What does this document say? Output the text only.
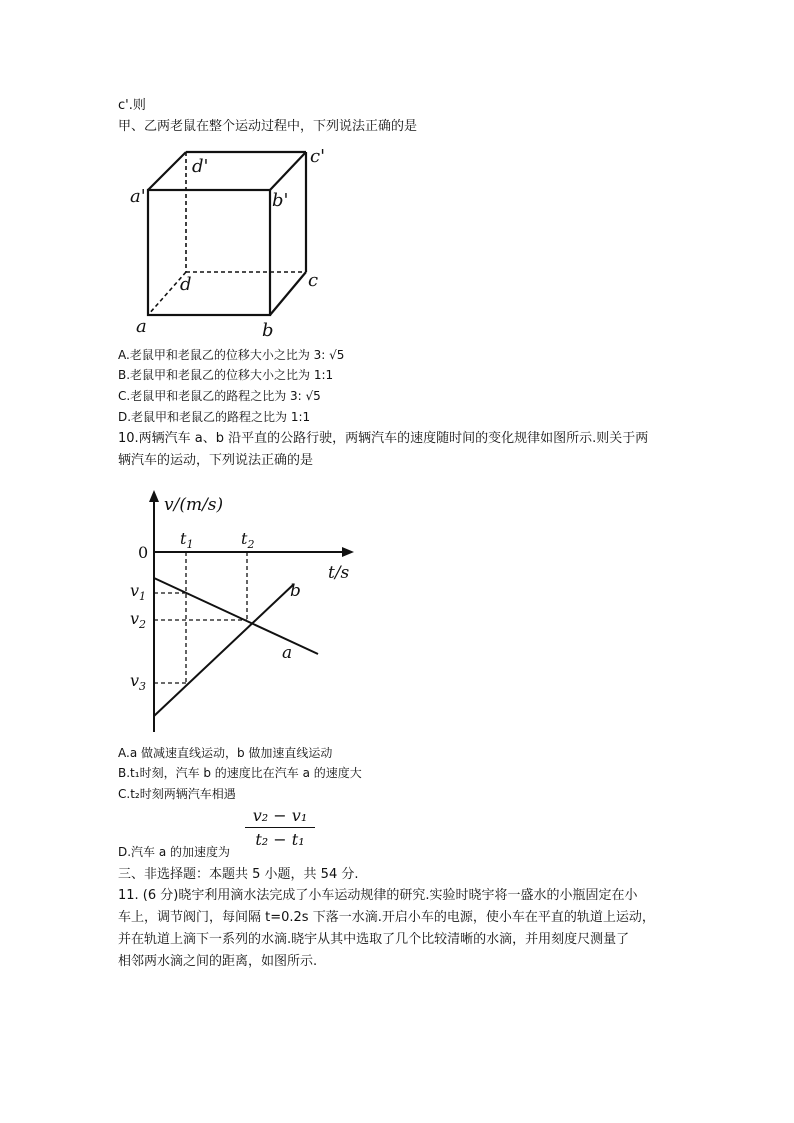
c'.则
甲、乙两老鼠在整个运动过程中，下列说法正确的是
a'
d'	c'
b'
d	c
a	b
A.老鼠甲和老鼠乙的位移大小之比为 3: √5
B.老鼠甲和老鼠乙的位移大小之比为 1:1
C.老鼠甲和老鼠乙的路程之比为 3: √5
D.老鼠甲和老鼠乙的路程之比为 1:1
10.两辆汽车 a、b 沿平直的公路行驶，两辆汽车的速度随时间的变化规律如图所示.则关于两
辆汽车的运动，下列说法正确的是
v/(m/s)
t/s
0
$t_1$	$t_2$
$v_1$
$v_2$
$v_3$
a
b
A.a 做减速直线运动，b 做加速直线运动
B.t₁时刻，汽车 b 的速度比在汽车 a 的速度大
C.t₂时刻两辆汽车相遇
$\frac{\text{v₂ − v₁}}{\text{t₂ − t₁}}$
D.汽车 a 的加速度为
三、非选择题：本题共 5 小题，共 54 分.
11. (6 分)晓宇利用滴水法完成了小车运动规律的研究.实验时晓宇将一盛水的小瓶固定在小
车上，调节阀门，每间隔 t=0.2s 下落一水滴.开启小车的电源，使小车在平直的轨道上运动，
并在轨道上滴下一系列的水滴.晓宇从其中选取了几个比较清晰的水滴，并用刻度尺测量了
相邻两水滴之间的距离，如图所示.
